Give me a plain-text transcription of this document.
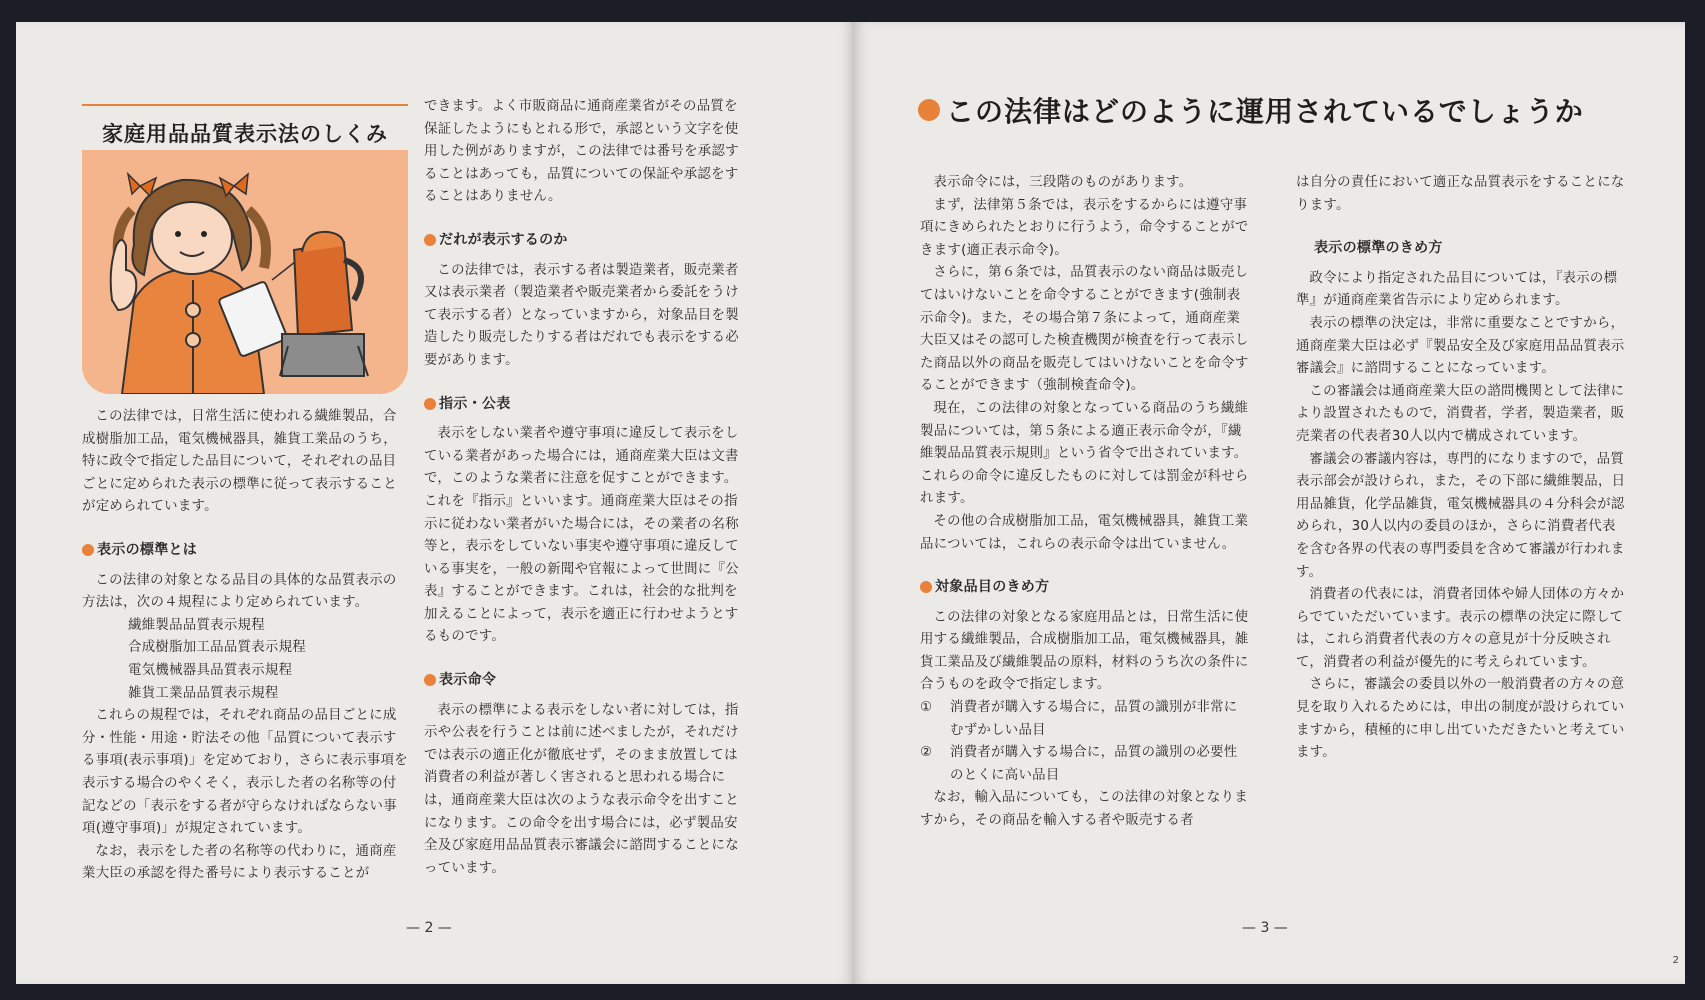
家庭用品品質表示法のしくみ

この法律では，日常生活に使われる繊維製品，合成樹脂加工品，電気機械器具，雑貨工業品のうち，特に政令で指定した品目について，それぞれの品目ごとに定められた表示の標準に従って表示することが定められています。

表示の標準とは

この法律の対象となる品目の具体的な品質表示の方法は，次の４規程により定められています。

繊維製品品質表示規程

合成樹脂加工品品質表示規程

電気機械器具品質表示規程

雑貨工業品品質表示規程

これらの規程では，それぞれ商品の品目ごとに成分・性能・用途・貯法その他「品質について表示する事項(表示事項)」を定めており，さらに表示事項を表示する場合のやくそく，表示した者の名称等の付記などの「表示をする者が守らなければならない事項(遵守事項)」が規定されています。

なお，表示をした者の名称等の代わりに，通商産業大臣の承認を得た番号により表示することが

できます。よく市販商品に通商産業省がその品質を保証したようにもとれる形で，承認という文字を使用した例がありますが，この法律では番号を承認することはあっても，品質についての保証や承認をすることはありません。

だれが表示するのか

この法律では，表示する者は製造業者，販売業者又は表示業者（製造業者や販売業者から委託をうけて表示する者）となっていますから，対象品目を製造したり販売したりする者はだれでも表示をする必要があります。

指示・公表

表示をしない業者や遵守事項に違反して表示をしている業者があった場合には，通商産業大臣は文書で，このような業者に注意を促すことができます。これを『指示』といいます。通商産業大臣はその指示に従わない業者がいた場合には，その業者の名称等と，表示をしていない事実や遵守事項に違反している事実を，一般の新聞や官報によって世間に『公表』することができます。これは，社会的な批判を加えることによって，表示を適正に行わせようとするものです。

表示命令

表示の標準による表示をしない者に対しては，指示や公表を行うことは前に述べましたが，それだけでは表示の適正化が徹底せず，そのまま放置しては消費者の利益が著しく害されると思われる場合には，通商産業大臣は次のような表示命令を出すことになります。この命令を出す場合には，必ず製品安全及び家庭用品品質表示審議会に諮問することになっています。

— 2 —
この法律はどのように運用されているでしょうか

表示命令には，三段階のものがあります。

まず，法律第５条では，表示をするからには遵守事項にきめられたとおりに行うよう，命令することができます(適正表示命令)。

さらに，第６条では，品質表示のない商品は販売してはいけないことを命令することができます(強制表示命令)。また，その場合第７条によって，通商産業大臣又はその認可した検査機関が検査を行って表示した商品以外の商品を販売してはいけないことを命令することができます（強制検査命令)。

現在，この法律の対象となっている商品のうち繊維製品については，第５条による適正表示命令が，『繊維製品品質表示規則』という省令で出されています。これらの命令に違反したものに対しては罰金が科せられます。

その他の合成樹脂加工品，電気機械器具，雑貨工業品については，これらの表示命令は出ていません。

対象品目のきめ方

この法律の対象となる家庭用品とは，日常生活に使用する繊維製品，合成樹脂加工品，電気機械器具，雑貨工業品及び繊維製品の原料，材料のうち次の条件に合うものを政令で指定します。

① 消費者が購入する場合に，品質の識別が非常にむずかしい品目
② 消費者が購入する場合に，品質の識別の必要性のとくに高い品目

なお，輸入品についても，この法律の対象となりますから，その商品を輸入する者や販売する者

は自分の責任において適正な品質表示をすることになります。

表示の標準のきめ方

政令により指定された品目については，『表示の標準』が通商産業省告示により定められます。

表示の標準の決定は，非常に重要なことですから，通商産業大臣は必ず『製品安全及び家庭用品品質表示審議会』に諮問することになっています。

この審議会は通商産業大臣の諮問機関として法律により設置されたもので，消費者，学者，製造業者，販売業者の代表者30人以内で構成されています。

審議会の審議内容は，専門的になりますので，品質表示部会が設けられ，また，その下部に繊維製品，日用品雑貨，化学品雑貨，電気機械器具の４分科会が認められ，30人以内の委員のほか，さらに消費者代表を含む各界の代表の専門委員を含めて審議が行われます。

消費者の代表には，消費者団体や婦人団体の方々からでていただいています。表示の標準の決定に際しては，これら消費者代表の方々の意見が十分反映されて，消費者の利益が優先的に考えられています。

さらに，審議会の委員以外の一般消費者の方々の意見を取り入れるためには，申出の制度が設けられていますから，積極的に申し出ていただきたいと考えています。

— 3 —
2
